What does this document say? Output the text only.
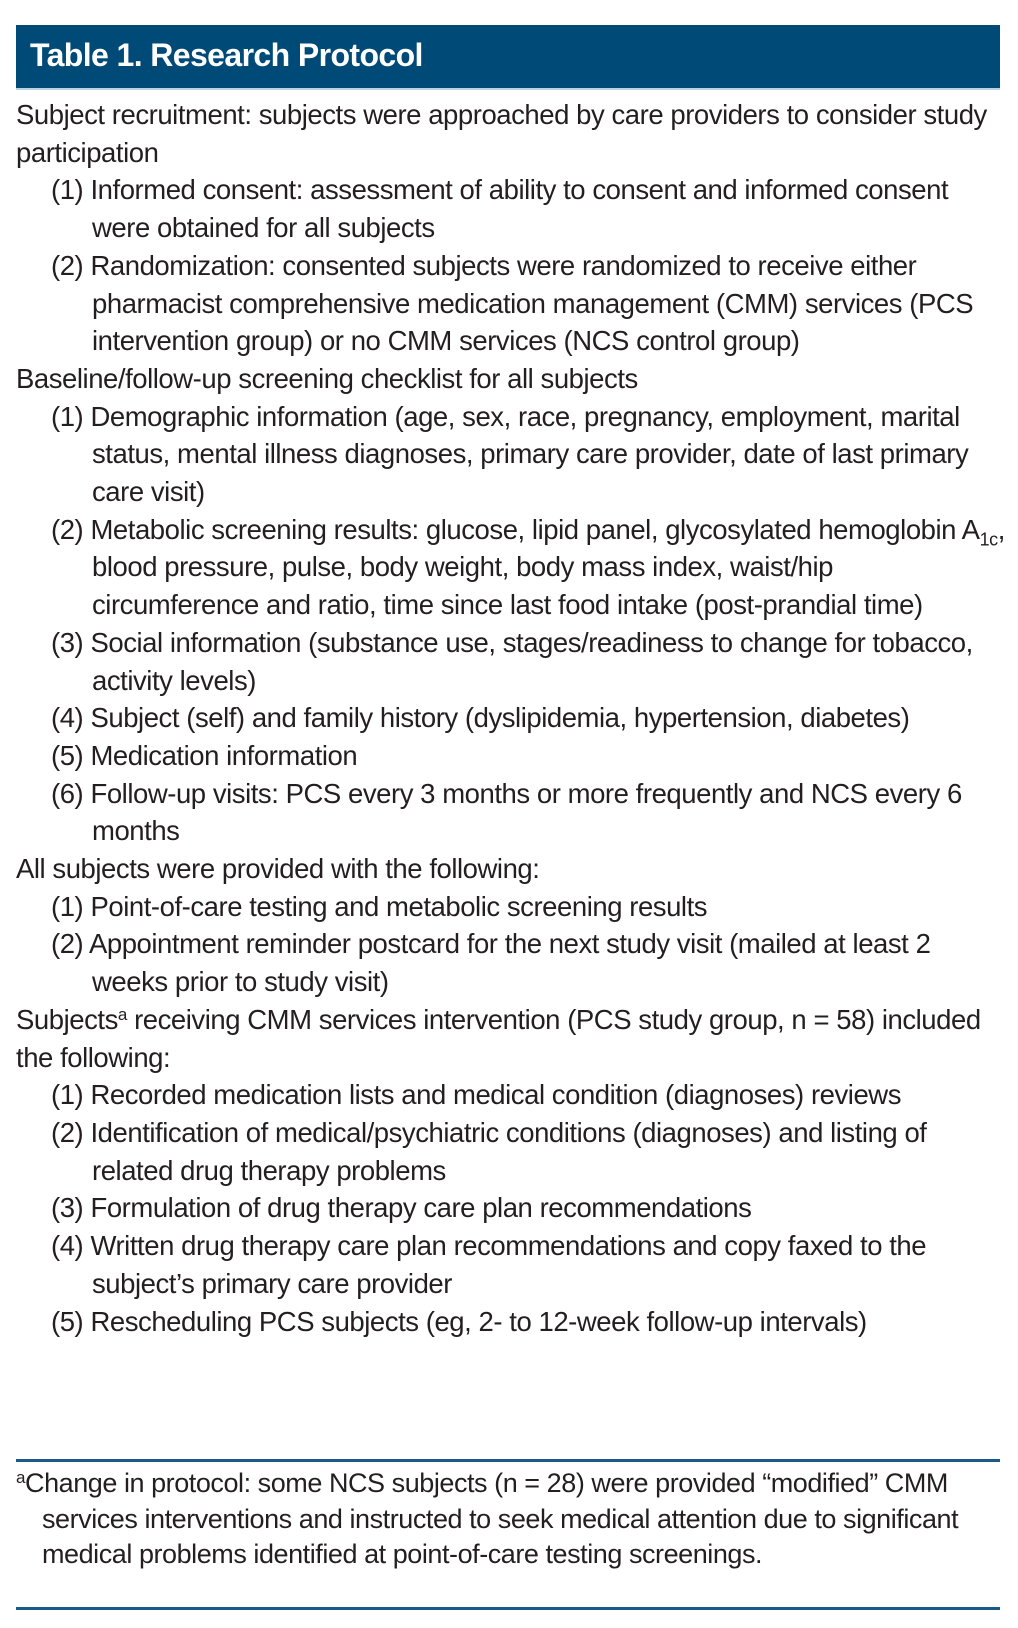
Table 1. Research Protocol

Subject recruitment: subjects were approached by care providers to consider study participation

(1) Informed consent: assessment of ability to consent and informed consent were obtained for all subjects

(2) Randomization: consented subjects were randomized to receive either pharmacist comprehensive medication management (CMM) services (PCS intervention group) or no CMM services (NCS control group)

Baseline/follow-up screening checklist for all subjects

(1) Demographic information (age, sex, race, pregnancy, employment, marital status, mental illness diagnoses, primary care provider, date of last primary care visit)

(2) Metabolic screening results: glucose, lipid panel, glycosylated hemoglobin $A_{1c}$, blood pressure, pulse, body weight, body mass index, waist/hip circumference and ratio, time since last food intake (post-prandial time)

(3) Social information (substance use, stages/readiness to change for tobacco, activity levels)

(4) Subject (self) and family history (dyslipidemia, hypertension, diabetes)

(5) Medication information

(6) Follow-up visits: PCS every 3 months or more frequently and NCS every 6 months

All subjects were provided with the following:

(1) Point-of-care testing and metabolic screening results

(2) Appointment reminder postcard for the next study visit (mailed at least 2 weeks prior to study visit)

Subjects$^a$ receiving CMM services intervention (PCS study group, n = 58) included the following:

(1) Recorded medication lists and medical condition (diagnoses) reviews

(2) Identification of medical/psychiatric conditions (diagnoses) and listing of related drug therapy problems

(3) Formulation of drug therapy care plan recommendations

(4) Written drug therapy care plan recommendations and copy faxed to the subject’s primary care provider

(5) Rescheduling PCS subjects (eg, 2- to 12-week follow-up intervals)

$^a$Change in protocol: some NCS subjects (n = 28) were provided “modified” CMM services interventions and instructed to seek medical attention due to significant medical problems identified at point-of-care testing screenings.
